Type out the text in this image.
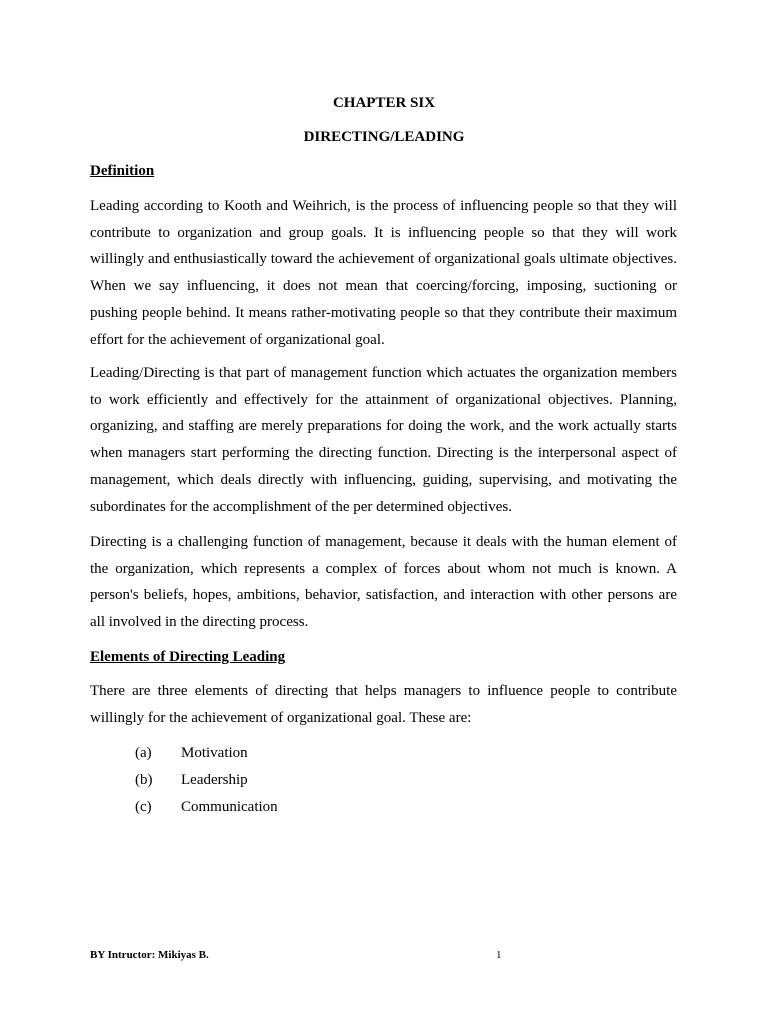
CHAPTER SIX
DIRECTING/LEADING
Definition

Leading according to Kooth and Weihrich, is the process of influencing people so that they will contribute to organization and group goals. It is influencing people so that they will work willingly and enthusiastically toward the achievement of organizational goals ultimate objectives. When we say influencing, it does not mean that coercing/forcing, imposing, suctioning or pushing people behind. It means rather-motivating people so that they contribute their maximum effort for the achievement of organizational goal.

Leading/Directing is that part of management function which actuates the organization members to work efficiently and effectively for the attainment of organizational objectives. Planning, organizing, and staffing are merely preparations for doing the work, and the work actually starts when managers start performing the directing function. Directing is the interpersonal aspect of management, which deals directly with influencing, guiding, supervising, and motivating the subordinates for the accomplishment of the per determined objectives.

Directing is a challenging function of management, because it deals with the human element of the organization, which represents a complex of forces about whom not much is known. A person's beliefs, hopes, ambitions, behavior, satisfaction, and interaction with other persons are all involved in the directing process.

Elements of Directing Leading

There are three elements of directing that helps managers to influence people to contribute willingly for the achievement of organizational goal. These are:

(a)	Motivation
(b)	Leadership
(c)	Communication
BY Intructor: Mikiyas B.	1
